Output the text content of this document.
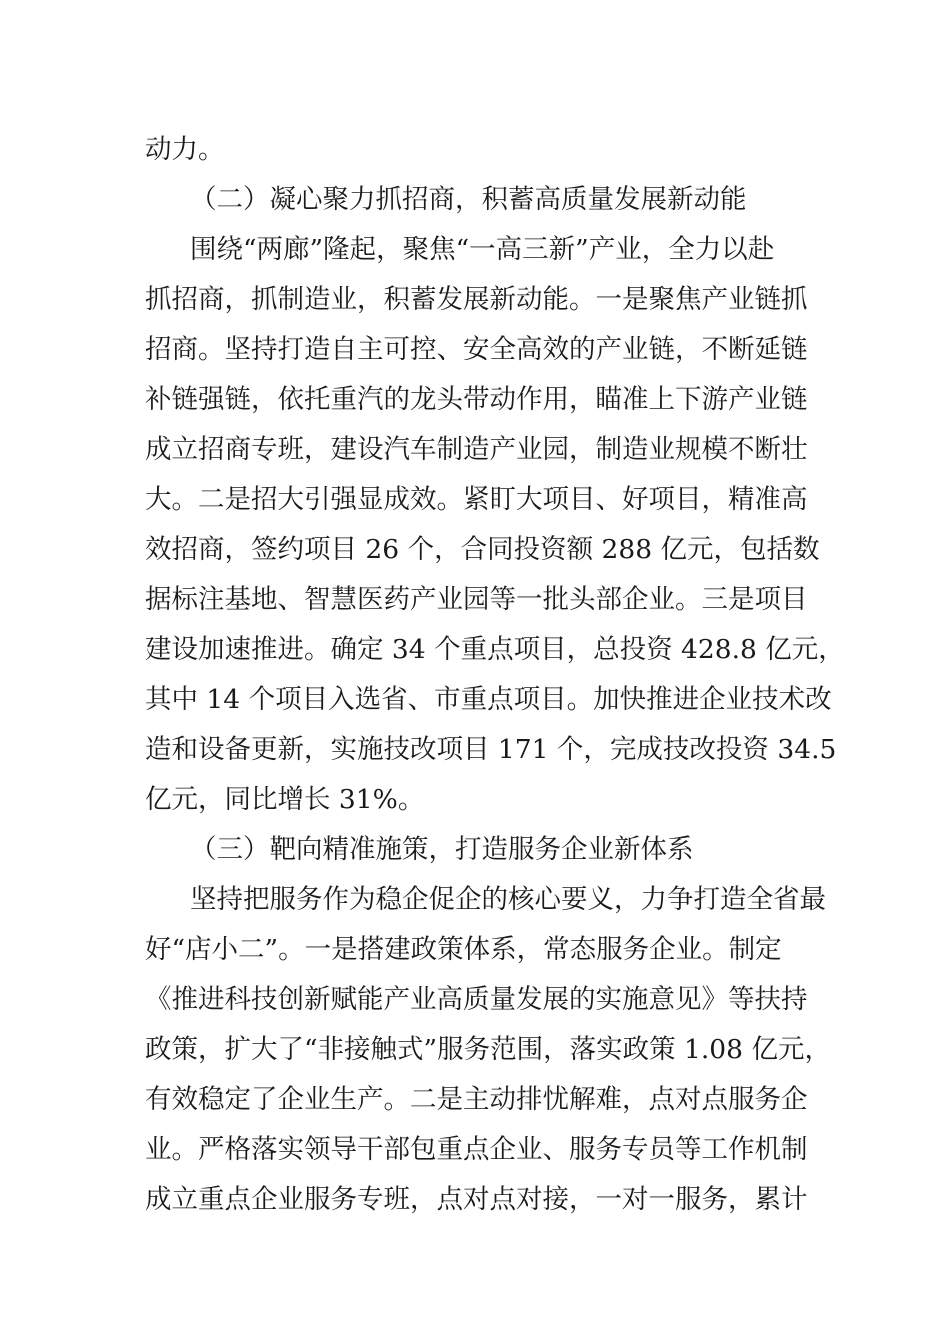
动力。
（二）凝心聚力抓招商，积蓄高质量发展新动能
围绕“两廊”隆起，聚焦“一高三新”产业，全力以赴
抓招商，抓制造业，积蓄发展新动能。一是聚焦产业链抓
招商。坚持打造自主可控、安全高效的产业链，不断延链
补链强链，依托重汽的龙头带动作用，瞄准上下游产业链
成立招商专班，建设汽车制造产业园，制造业规模不断壮
大。二是招大引强显成效。紧盯大项目、好项目，精准高
效招商，签约项目 26 个，合同投资额 288 亿元，包括数
据标注基地、智慧医药产业园等一批头部企业。三是项目
建设加速推进。确定 34 个重点项目，总投资 428.8 亿元，
其中 14 个项目入选省、市重点项目。加快推进企业技术改
造和设备更新，实施技改项目 171 个，完成技改投资 34.5
亿元，同比增长 31%。
（三）靶向精准施策，打造服务企业新体系
坚持把服务作为稳企促企的核心要义，力争打造全省最
好“店小二”。一是搭建政策体系，常态服务企业。制定
《推进科技创新赋能产业高质量发展的实施意见》等扶持
政策，扩大了“非接触式”服务范围，落实政策 1.08 亿元，
有效稳定了企业生产。二是主动排忧解难，点对点服务企
业。严格落实领导干部包重点企业、服务专员等工作机制
成立重点企业服务专班，点对点对接，一对一服务，累计
